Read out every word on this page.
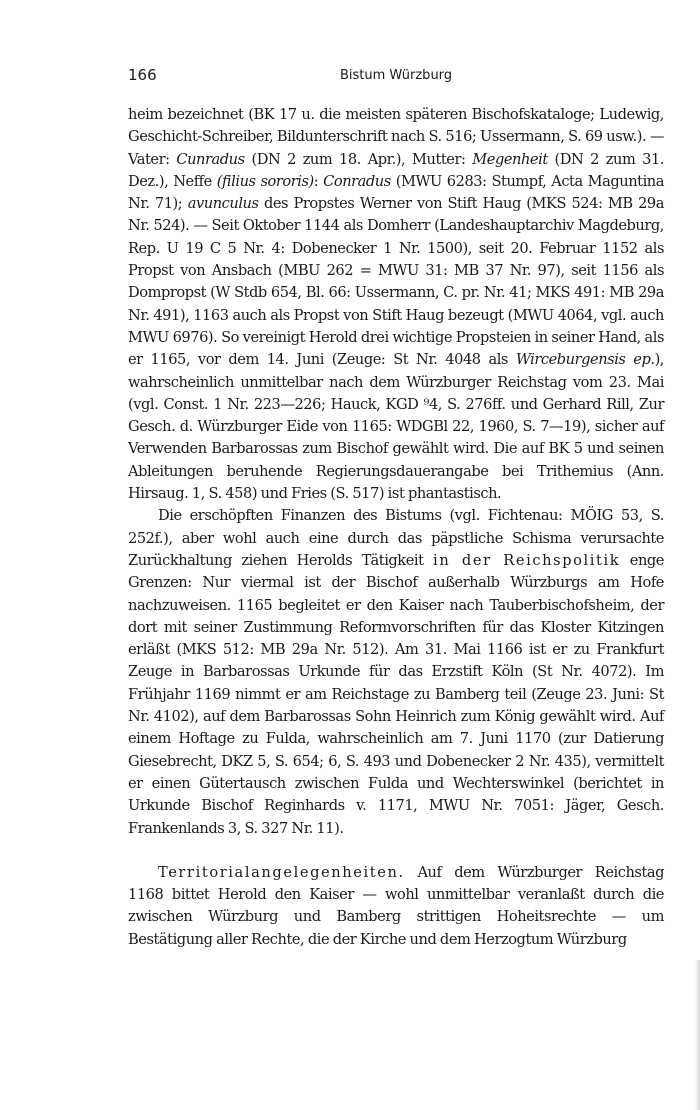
166	Bistum Würzburg

heim bezeichnet (BK 17 u. die meisten späteren Bischofskataloge; Ludewig, Geschicht-Schreiber, Bildunterschrift nach S. 516; Ussermann, S. 69 usw.). — Vater: Cunradus (DN 2 zum 18. Apr.), Mutter: Megenheit (DN 2 zum 31. Dez.), Neffe (filius sororis): Conradus (MWU 6283: Stumpf, Acta Maguntina Nr. 71); avunculus des Propstes Werner von Stift Haug (MKS 524: MB 29a Nr. 524). — Seit Oktober 1144 als Domherr (Landeshauptarchiv Magdeburg, Rep. U 19 C 5 Nr. 4: Dobenecker 1 Nr. 1500), seit 20. Februar 1152 als Propst von Ansbach (MBU 262 = MWU 31: MB 37 Nr. 97), seit 1156 als Dompropst (W Stdb 654, Bl. 66: Ussermann, C. pr. Nr. 41; MKS 491: MB 29a Nr. 491), 1163 auch als Propst von Stift Haug bezeugt (MWU 4064, vgl. auch MWU 6976). So vereinigt Herold drei wichtige Propsteien in seiner Hand, als er 1165, vor dem 14. Juni (Zeuge: St Nr. 4048 als Wirceburgensis ep.), wahrscheinlich unmittelbar nach dem Würzburger Reichstag vom 23. Mai (vgl. Const. 1 Nr. 223—226; Hauck, KGD ⁹4, S. 276ff. und Gerhard Rill, Zur Gesch. d. Würzburger Eide von 1165: WDGBl 22, 1960, S. 7—19), sicher auf Verwenden Barbarossas zum Bischof gewählt wird. Die auf BK 5 und seinen Ableitungen beruhende Regierungsdauerangabe bei Trithemius (Ann. Hirsaug. 1, S. 458) und Fries (S. 517) ist phantastisch.

Die erschöpften Finanzen des Bistums (vgl. Fichtenau: MÖIG 53, S. 252f.), aber wohl auch eine durch das päpstliche Schisma verursachte Zurückhaltung ziehen Herolds Tätigkeit in der Reichspolitik enge Grenzen: Nur viermal ist der Bischof außerhalb Würzburgs am Hofe nachzuweisen. 1165 begleitet er den Kaiser nach Tauberbischofsheim, der dort mit seiner Zustimmung Reformvorschriften für das Kloster Kitzingen erläßt (MKS 512: MB 29a Nr. 512). Am 31. Mai 1166 ist er zu Frankfurt Zeuge in Barbarossas Urkunde für das Erzstift Köln (St Nr. 4072). Im Frühjahr 1169 nimmt er am Reichstage zu Bamberg teil (Zeuge 23. Juni: St Nr. 4102), auf dem Barbarossas Sohn Heinrich zum König gewählt wird. Auf einem Hoftage zu Fulda, wahrscheinlich am 7. Juni 1170 (zur Datierung Giesebrecht, DKZ 5, S. 654; 6, S. 493 und Dobenecker 2 Nr. 435), vermittelt er einen Gütertausch zwischen Fulda und Wechterswinkel (berichtet in Urkunde Bischof Reginhards v. 1171, MWU Nr. 7051: Jäger, Gesch. Frankenlands 3, S. 327 Nr. 11).

Territorialangelegenheiten. Auf dem Würzburger Reichstag 1168 bittet Herold den Kaiser — wohl unmittelbar veranlaßt durch die zwischen Würzburg und Bamberg strittigen Hoheitsrechte — um Bestätigung aller Rechte, die der Kirche und dem Herzogtum Würzburg
